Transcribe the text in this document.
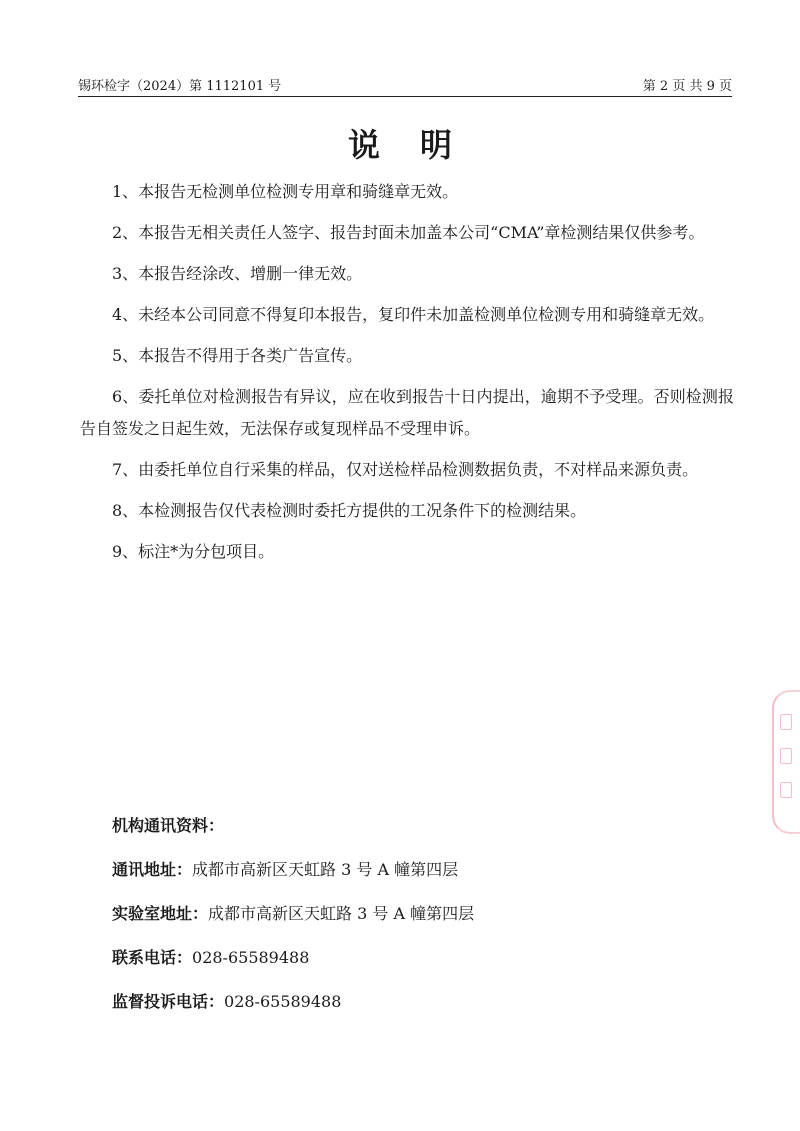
锡环检字（2024）第 1112101 号	第 2 页 共 9 页
说明

1、本报告无检测单位检测专用章和骑缝章无效。

2、本报告无相关责任人签字、报告封面未加盖本公司“CMA”章检测结果仅供参考。

3、本报告经涂改、增删一律无效。

4、未经本公司同意不得复印本报告，复印件未加盖检测单位检测专用和骑缝章无效。

5、本报告不得用于各类广告宣传。

6、委托单位对检测报告有异议，应在收到报告十日内提出，逾期不予受理。否则检测报告自签发之日起生效，无法保存或复现样品不受理申诉。

7、由委托单位自行采集的样品，仅对送检样品检测数据负责，不对样品来源负责。

8、本检测报告仅代表检测时委托方提供的工况条件下的检测结果。

9、标注*为分包项目。

机构通讯资料：
通讯地址： 成都市高新区天虹路 3 号 A 幢第四层
实验室地址： 成都市高新区天虹路 3 号 A 幢第四层
联系电话： 028-65589488
监督投诉电话： 028-65589488
